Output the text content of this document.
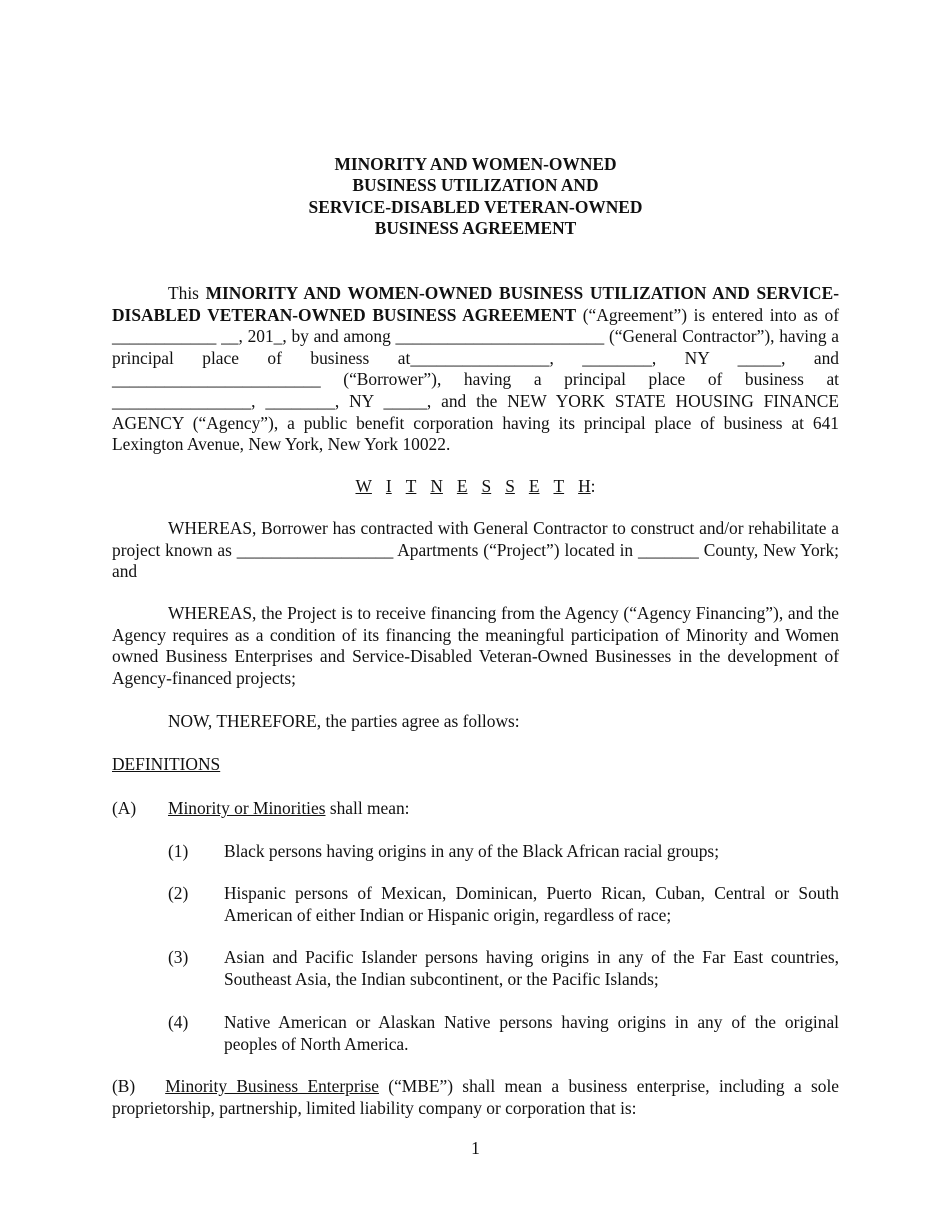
MINORITY AND WOMEN-OWNED
BUSINESS UTILIZATION AND
SERVICE-DISABLED VETERAN-OWNED
BUSINESS AGREEMENT

This MINORITY AND WOMEN-OWNED BUSINESS UTILIZATION AND SERVICE-DISABLED VETERAN-OWNED BUSINESS AGREEMENT (“Agreement”) is entered into as of ____________ __, 201_, by and among ________________________ (“General Contractor”), having a principal place of business at________________, ________, NY _____, and ________________________ (“Borrower”), having a principal place of business at ________________, ________, NY _____, and the NEW YORK STATE HOUSING FINANCE AGENCY (“Agency”), a public benefit corporation having its principal place of business at 641 Lexington Avenue, New York, New York 10022.

W I T N E S S E T H:

WHEREAS, Borrower has contracted with General Contractor to construct and/or rehabilitate a project known as __________________ Apartments (“Project”) located in _______ County, New York; and

WHEREAS, the Project is to receive financing from the Agency (“Agency Financing”), and the Agency requires as a condition of its financing the meaningful participation of Minority and Women owned Business Enterprises and Service-Disabled Veteran-Owned Businesses in the development of Agency-financed projects;

NOW, THEREFORE, the parties agree as follows:

DEFINITIONS

(A) Minority or Minorities shall mean:
(1) Black persons having origins in any of the Black African racial groups;
(2) Hispanic persons of Mexican, Dominican, Puerto Rican, Cuban, Central or South American of either Indian or Hispanic origin, regardless of race;
(3) Asian and Pacific Islander persons having origins in any of the Far East countries, Southeast Asia, the Indian subcontinent, or the Pacific Islands;
(4) Native American or Alaskan Native persons having origins in any of the original peoples of North America.

(B) Minority Business Enterprise (“MBE”) shall mean a business enterprise, including a sole proprietorship, partnership, limited liability company or corporation that is:

1
